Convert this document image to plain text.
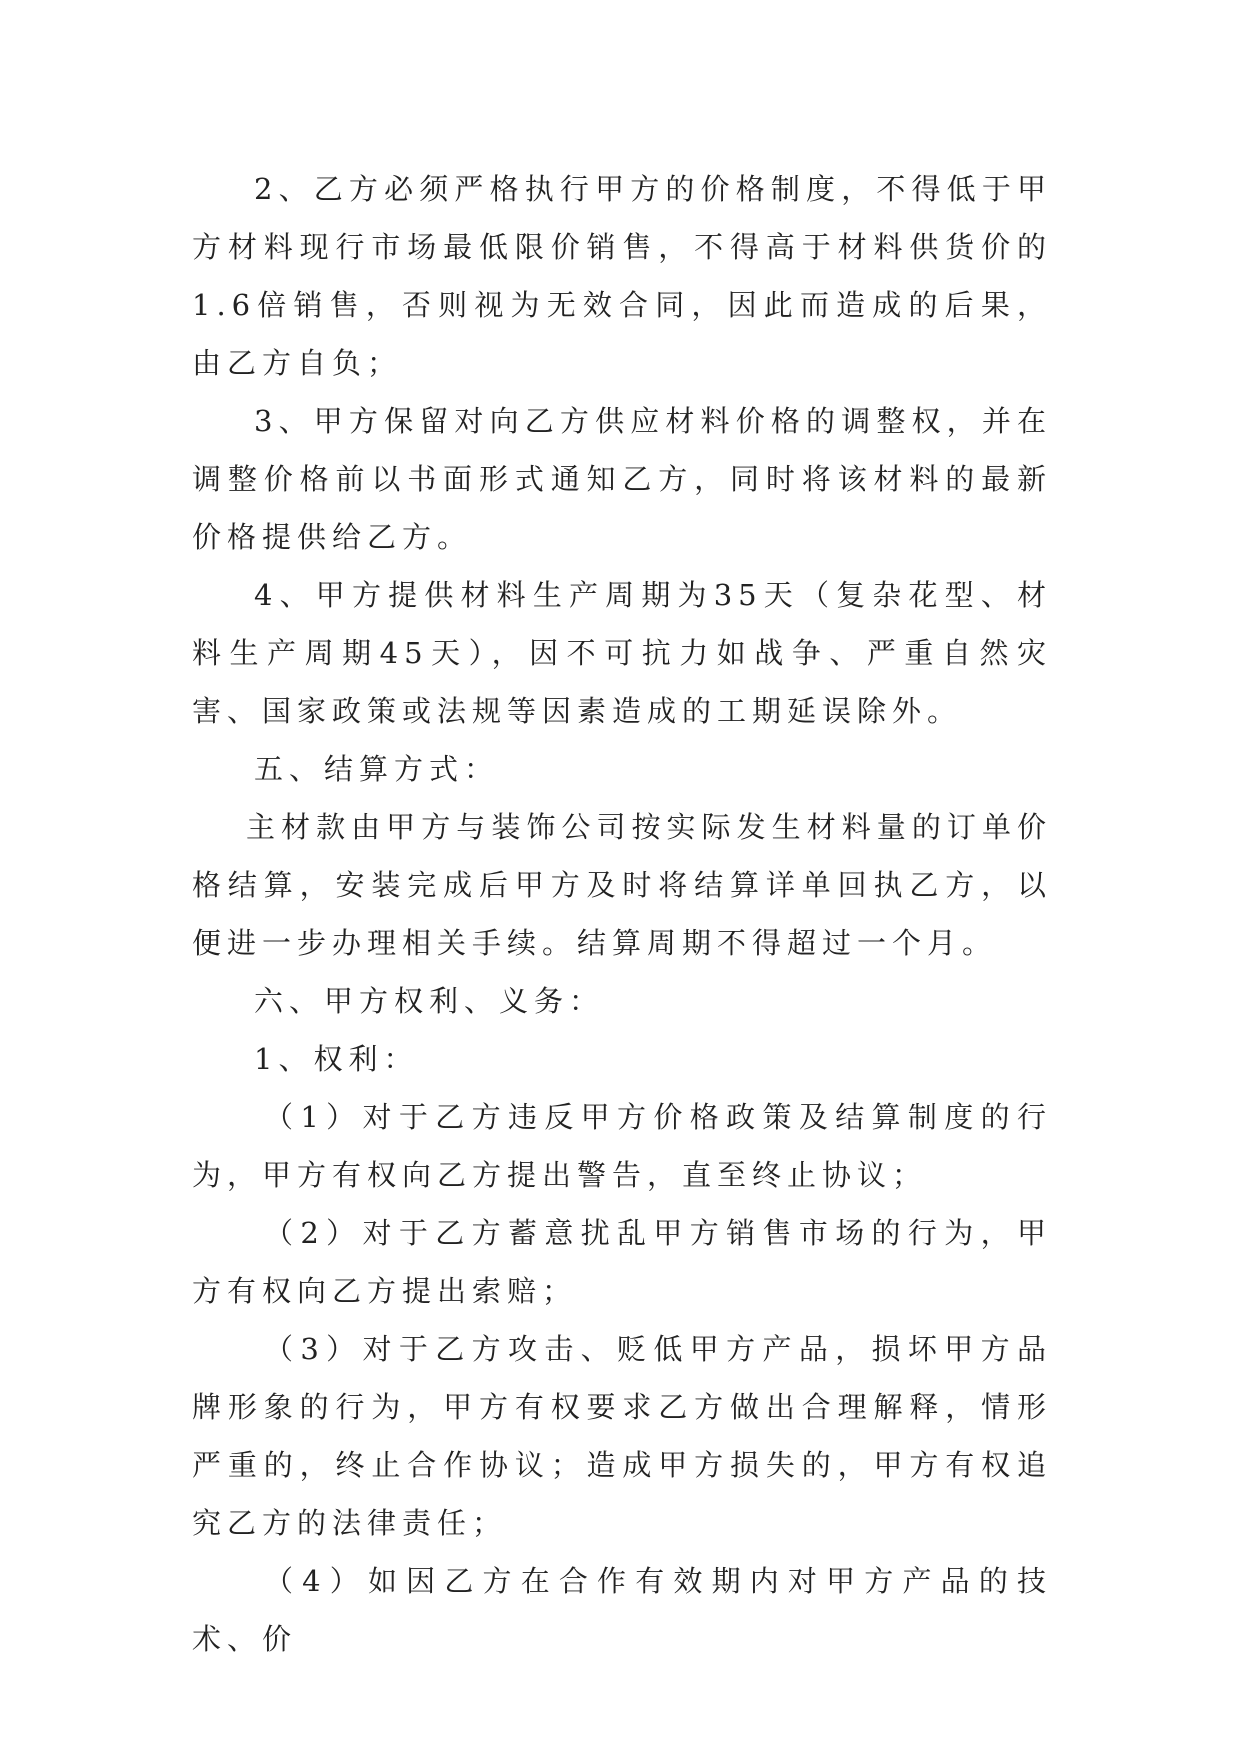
2、乙方必须严格执行甲方的价格制度，不得低于甲方材料现行市场最低限价销售，不得高于材料供货价的1.6倍销售，否则视为无效合同，因此而造成的后果，由乙方自负；

3、甲方保留对向乙方供应材料价格的调整权，并在调整价格前以书面形式通知乙方，同时将该材料的最新价格提供给乙方。

4、甲方提供材料生产周期为35天（复杂花型、材料生产周期45天），因不可抗力如战争、严重自然灾害、国家政策或法规等因素造成的工期延误除外。

五、结算方式：

主材款由甲方与装饰公司按实际发生材料量的订单价格结算，安装完成后甲方及时将结算详单回执乙方，以便进一步办理相关手续。结算周期不得超过一个月。

六、甲方权利、义务：

1、权利：

（1）对于乙方违反甲方价格政策及结算制度的行为，甲方有权向乙方提出警告，直至终止协议；

（2）对于乙方蓄意扰乱甲方销售市场的行为，甲方有权向乙方提出索赔；

（3）对于乙方攻击、贬低甲方产品，损坏甲方品牌形象的行为，甲方有权要求乙方做出合理解释，情形严重的，终止合作协议；造成甲方损失的，甲方有权追究乙方的法律责任；

（4）如因乙方在合作有效期内对甲方产品的技术、价
